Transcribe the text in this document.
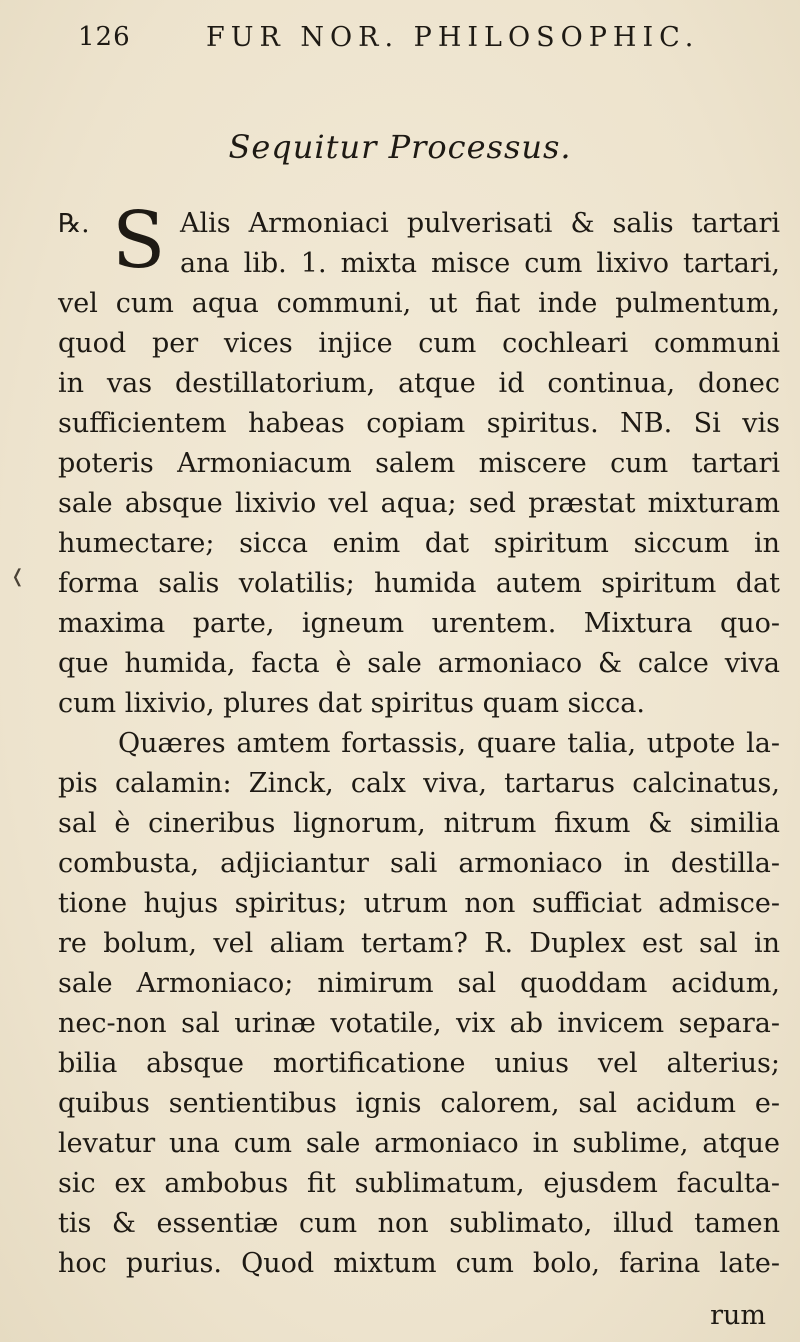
126	FUR NOR. PHILOSOPHIC.
Sequitur Processus.
❬
℞. S Alis Armoniaci pulverisati & salis tartari
ana lib. 1. mixta misce cum lixivo tartari,
vel cum aqua communi, ut fiat inde pulmentum,
quod per vices injice cum cochleari communi
in vas destillatorium, atque id continua, donec
sufficientem habeas copiam spiritus. NB. Si vis
poteris Armoniacum salem miscere cum tartari
sale absque lixivio vel aqua; sed præstat mixturam
humectare; sicca enim dat spiritum siccum in
forma salis volatilis; humida autem spiritum dat
maxima parte, igneum urentem. Mixtura quo-
que humida, facta è sale armoniaco & calce viva
cum lixivio, plures dat spiritus quam sicca.
Quæres amtem fortassis, quare talia, utpote la-
pis calamin: Zinck, calx viva, tartarus calcinatus,
sal è cineribus lignorum, nitrum fixum & similia
combusta, adjiciantur sali armoniaco in destilla-
tione hujus spiritus; utrum non sufficiat admisce-
re bolum, vel aliam tertam? R. Duplex est sal in
sale Armoniaco; nimirum sal quoddam acidum,
nec-non sal urinæ votatile, vix ab invicem separa-
bilia absque mortificatione unius vel alterius;
quibus sentientibus ignis calorem, sal acidum e-
levatur una cum sale armoniaco in sublime, atque
sic ex ambobus fit sublimatum, ejusdem faculta-
tis & essentiæ cum non sublimato, illud tamen
hoc purius. Quod mixtum cum bolo, farina late-
rum
